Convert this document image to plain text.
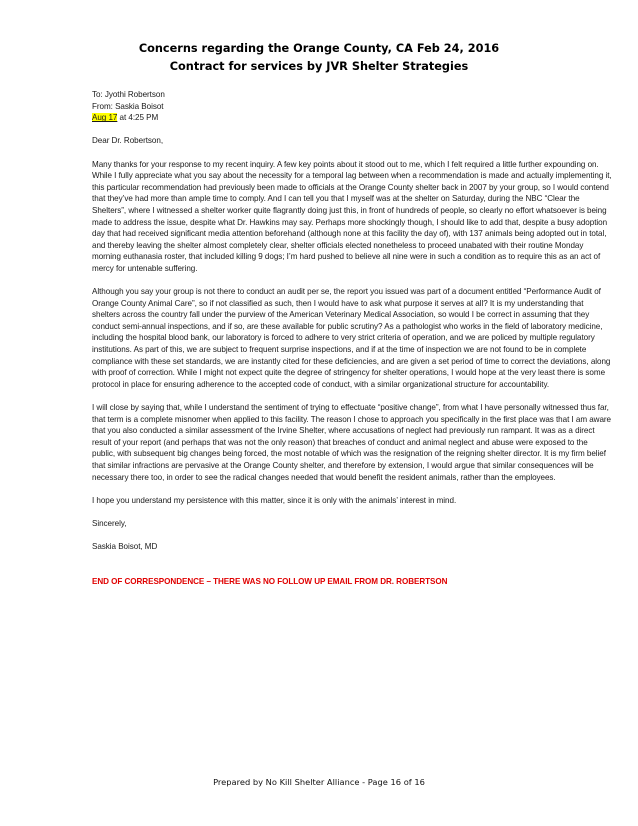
Concerns regarding the Orange County, CA Feb 24, 2016
Contract for services by JVR Shelter Strategies

To: Jyothi Robertson
From: Saskia Boisot
Aug 17 at 4:25 PM

Dear Dr. Robertson,

Many thanks for your response to my recent inquiry. A few key points about it stood out to me, which I felt required a little further expounding on. While I fully appreciate what you say about the necessity for a temporal lag between when a recommendation is made and actually implementing it, this particular recommendation had previously been made to officials at the Orange County shelter back in 2007 by your group, so I would contend that they’ve had more than ample time to comply. And I can tell you that I myself was at the shelter on Saturday, during the NBC “Clear the Shelters”, where I witnessed a shelter worker quite flagrantly doing just this, in front of hundreds of people, so clearly no effort whatsoever is being made to address the issue, despite what Dr. Hawkins may say. Perhaps more shockingly though, I should like to add that, despite a busy adoption day that had received significant media attention beforehand (although none at this facility the day of), with 137 animals being adopted out in total, and thereby leaving the shelter almost completely clear, shelter officials elected nonetheless to proceed unabated with their routine Monday morning euthanasia roster, that included killing 9 dogs; I’m hard pushed to believe all nine were in such a condition as to require this as an act of mercy for untenable suffering.

Although you say your group is not there to conduct an audit per se, the report you issued was part of a document entitled “Performance Audit of Orange County Animal Care”, so if not classified as such, then I would have to ask what purpose it serves at all? It is my understanding that shelters across the country fall under the purview of the American Veterinary Medical Association, so would I be correct in assuming that they conduct semi-annual inspections, and if so, are these available for public scrutiny? As a pathologist who works in the field of laboratory medicine, including the hospital blood bank, our laboratory is forced to adhere to very strict criteria of operation, and we are policed by multiple regulatory institutions. As part of this, we are subject to frequent surprise inspections, and if at the time of inspection we are not found to be in complete compliance with these set standards, we are instantly cited for these deficiencies, and are given a set period of time to correct the deviations, along with proof of correction. While I might not expect quite the degree of stringency for shelter operations, I would hope at the very least there is some protocol in place for ensuring adherence to the accepted code of conduct, with a similar organizational structure for accountability.

I will close by saying that, while I understand the sentiment of trying to effectuate “positive change”, from what I have personally witnessed thus far, that term is a complete misnomer when applied to this facility. The reason I chose to approach you specifically in the first place was that I am aware that you also conducted a similar assessment of the Irvine Shelter, where accusations of neglect had previously run rampant. It was as a direct result of your report (and perhaps that was not the only reason) that breaches of conduct and animal neglect and abuse were exposed to the public, with subsequent big changes being forced, the most notable of which was the resignation of the reigning shelter director. It is my firm belief that similar infractions are pervasive at the Orange County shelter, and therefore by extension, I would argue that similar consequences will be necessary there too, in order to see the radical changes needed that would benefit the resident animals, rather than the employees.

I hope you understand my persistence with this matter, since it is only with the animals’ interest in mind.

Sincerely,

Saskia Boisot, MD

END OF CORRESPONDENCE – THERE WAS NO FOLLOW UP EMAIL FROM DR. ROBERTSON

Prepared by No Kill Shelter Alliance - Page 16 of 16
